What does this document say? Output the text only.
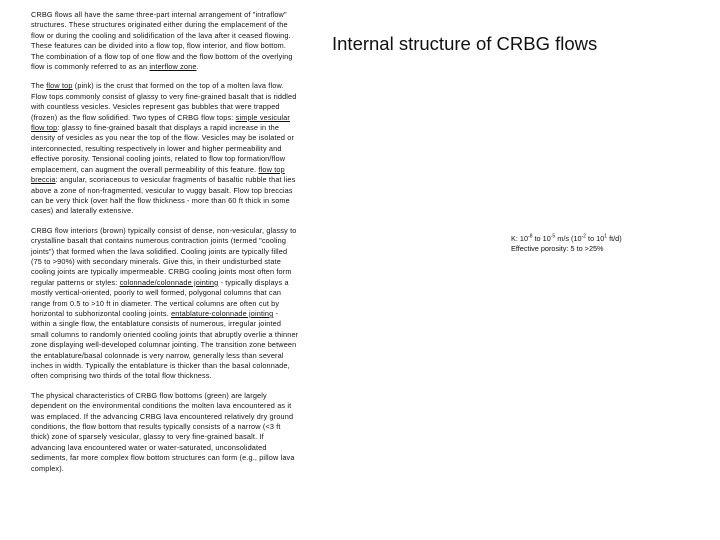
CRBG flows all have the same three-part internal arrangement of "intraflow" structures. These structures originated either during the emplacement of the flow or during the cooling and solidification of the lava after it ceased flowing. These features can be divided into a flow top, flow interior, and flow bottom. The combination of a flow top of one flow and the flow bottom of the overlying flow is commonly referred to as an interflow zone.

The flow top (pink) is the crust that formed on the top of a molten lava flow. Flow tops commonly consist of glassy to very fine-grained basalt that is riddled with countless vesicles. Vesicles represent gas bubbles that were trapped (frozen) as the flow solidified. Two types of CRBG flow tops: simple vesicular flow top: glassy to fine-grained basalt that displays a rapid increase in the density of vesicles as you near the top of the flow. Vesicles may be isolated or interconnected, resulting respectively in lower and higher permeability and effective porosity. Tensional cooling joints, related to flow top formation/flow emplacement, can augment the overall permeability of this feature. flow top breccia: angular, scoriaceous to vesicular fragments of basaltic rubble that lies above a zone of non-fragmented, vesicular to vuggy basalt. Flow top breccias can be very thick (over half the flow thickness - more than 60 ft thick in some cases) and laterally extensive.

CRBG flow interiors (brown) typically consist of dense, non-vesicular, glassy to crystalline basalt that contains numerous contraction joints (termed "cooling joints") that formed when the lava solidified. Cooling joints are typically filled (75 to >90%) with secondary minerals. Give this, in their undisturbed state cooling joints are typically impermeable. CRBG cooling joints most often form regular patterns or styles: colonnade/colonnade jointing - typically displays a mostly vertical-oriented, poorly to well formed, polygonal columns that can range from 0.5 to >10 ft in diameter. The vertical columns are often cut by horizontal to subhorizontal cooling joints. entablature-colonnade jointing - within a single flow, the entablature consists of numerous, irregular jointed small columns to randomly oriented cooling joints that abruptly overlie a thinner zone displaying well-developed columnar jointing. The transition zone between the entablature/basal colonnade is very narrow, generally less than several inches in width. Typically the entablature is thicker than the basal colonnade, often comprising two thirds of the total flow thickness.

The physical characteristics of CRBG flow bottoms (green) are largely dependent on the environmental conditions the molten lava encountered as it was emplaced. If the advancing CRBG lava encountered relatively dry ground conditions, the flow bottom that results typically consists of a narrow (<3 ft thick) zone of sparsely vesicular, glassy to very fine-grained basalt. If advancing lava encountered water or water-saturated, unconsolidated sediments, far more complex flow bottom structures can form (e.g., pillow lava complex).

Internal structure of CRBG flows
K: $10^{-8}$ to $10^{-5}$ m/s ($10^{-2}$ to $10^1$ ft/d)
Effective porosity: 5 to >25%
